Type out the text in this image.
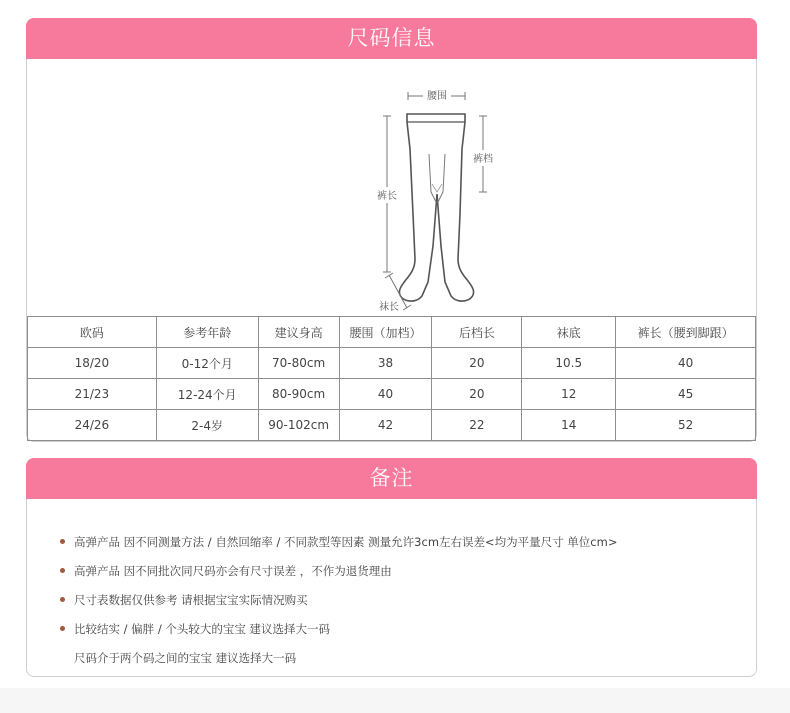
尺码信息
腰围
裤长
裤档
袜长
欧码	参考年龄	建议身高	腰围（加档）	后档长	袜底	裤长（腰到脚跟）
18/20	0-12个月	70-80cm	38	20	10.5	40
21/23	12-24个月	80-90cm	40	20	12	45
24/26	2-4岁	90-102cm	42	22	14	52
备注
高弹产品 因不同测量方法 / 自然回缩率 / 不同款型等因素 测量允许3cm左右误差<均为平量尺寸 单位cm>
高弹产品 因不同批次同尺码亦会有尺寸误差 ，不作为退货理由
尺寸表数据仅供参考 请根据宝宝实际情况购买
比较结实 / 偏胖 / 个头较大的宝宝 建议选择大一码
尺码介于两个码之间的宝宝 建议选择大一码
